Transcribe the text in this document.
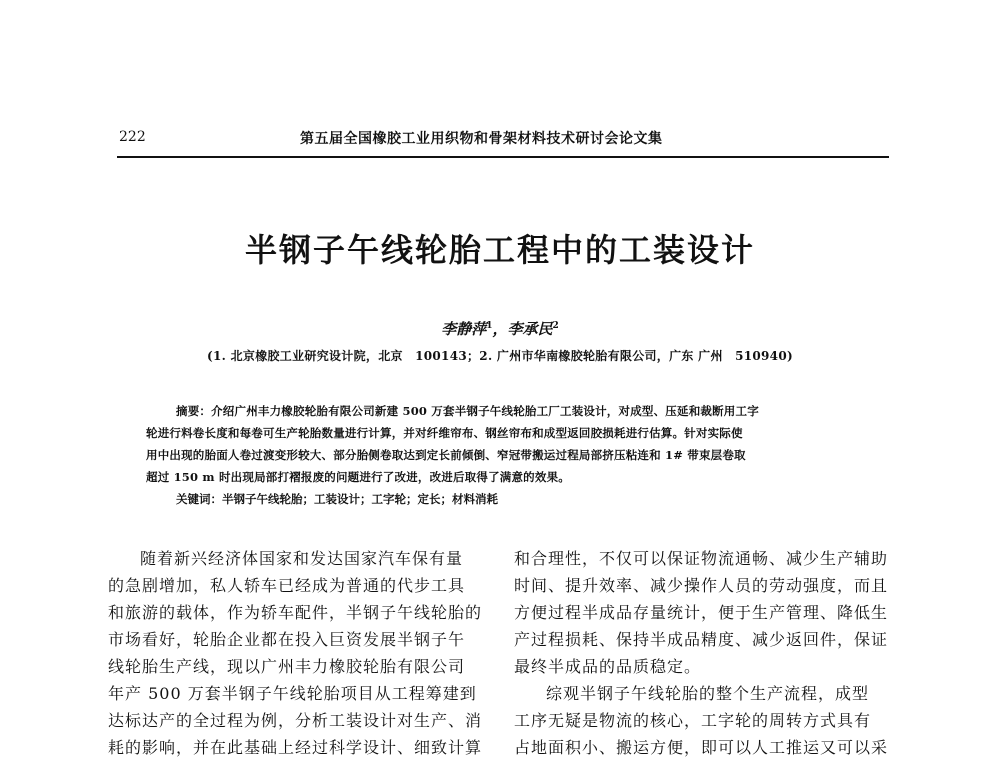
222	第五届全国橡胶工业用织物和骨架材料技术研讨会论文集
半钢子午线轮胎工程中的工装设计
李静萍$^1$，李承民$^2$
(1. 北京橡胶工业研究设计院，北京　100143；2. 广州市华南橡胶轮胎有限公司，广东 广州　510940)
摘要：介绍广州丰力橡胶轮胎有限公司新建 500 万套半钢子午线轮胎工厂工装设计，对成型、压延和裁断用工字
轮进行料卷长度和每卷可生产轮胎数量进行计算，并对纤维帘布、钢丝帘布和成型返回胶损耗进行估算。针对实际使
用中出现的胎面人卷过渡变形较大、部分胎侧卷取达到定长前倾倒、窄冠带搬运过程局部挤压粘连和 1# 带束层卷取
超过 150 m 时出现局部打褶报废的问题进行了改进，改进后取得了满意的效果。
关键词：半钢子午线轮胎；工装设计；工字轮；定长；材料消耗
随着新兴经济体国家和发达国家汽车保有量
的急剧增加，私人轿车已经成为普通的代步工具
和旅游的载体，作为轿车配件，半钢子午线轮胎的
市场看好，轮胎企业都在投入巨资发展半钢子午
线轮胎生产线，现以广州丰力橡胶轮胎有限公司
年产 500 万套半钢子午线轮胎项目从工程筹建到
达标达产的全过程为例，分析工装设计对生产、消
耗的影响，并在此基础上经过科学设计、细致计算
和合理性，不仅可以保证物流通畅、减少生产辅助
时间、提升效率、减少操作人员的劳动强度，而且
方便过程半成品存量统计，便于生产管理、降低生
产过程损耗、保持半成品精度、减少返回件，保证
最终半成品的品质稳定。
综观半钢子午线轮胎的整个生产流程，成型
工序无疑是物流的核心，工字轮的周转方式具有
占地面积小、搬运方便，即可以人工推运又可以采
